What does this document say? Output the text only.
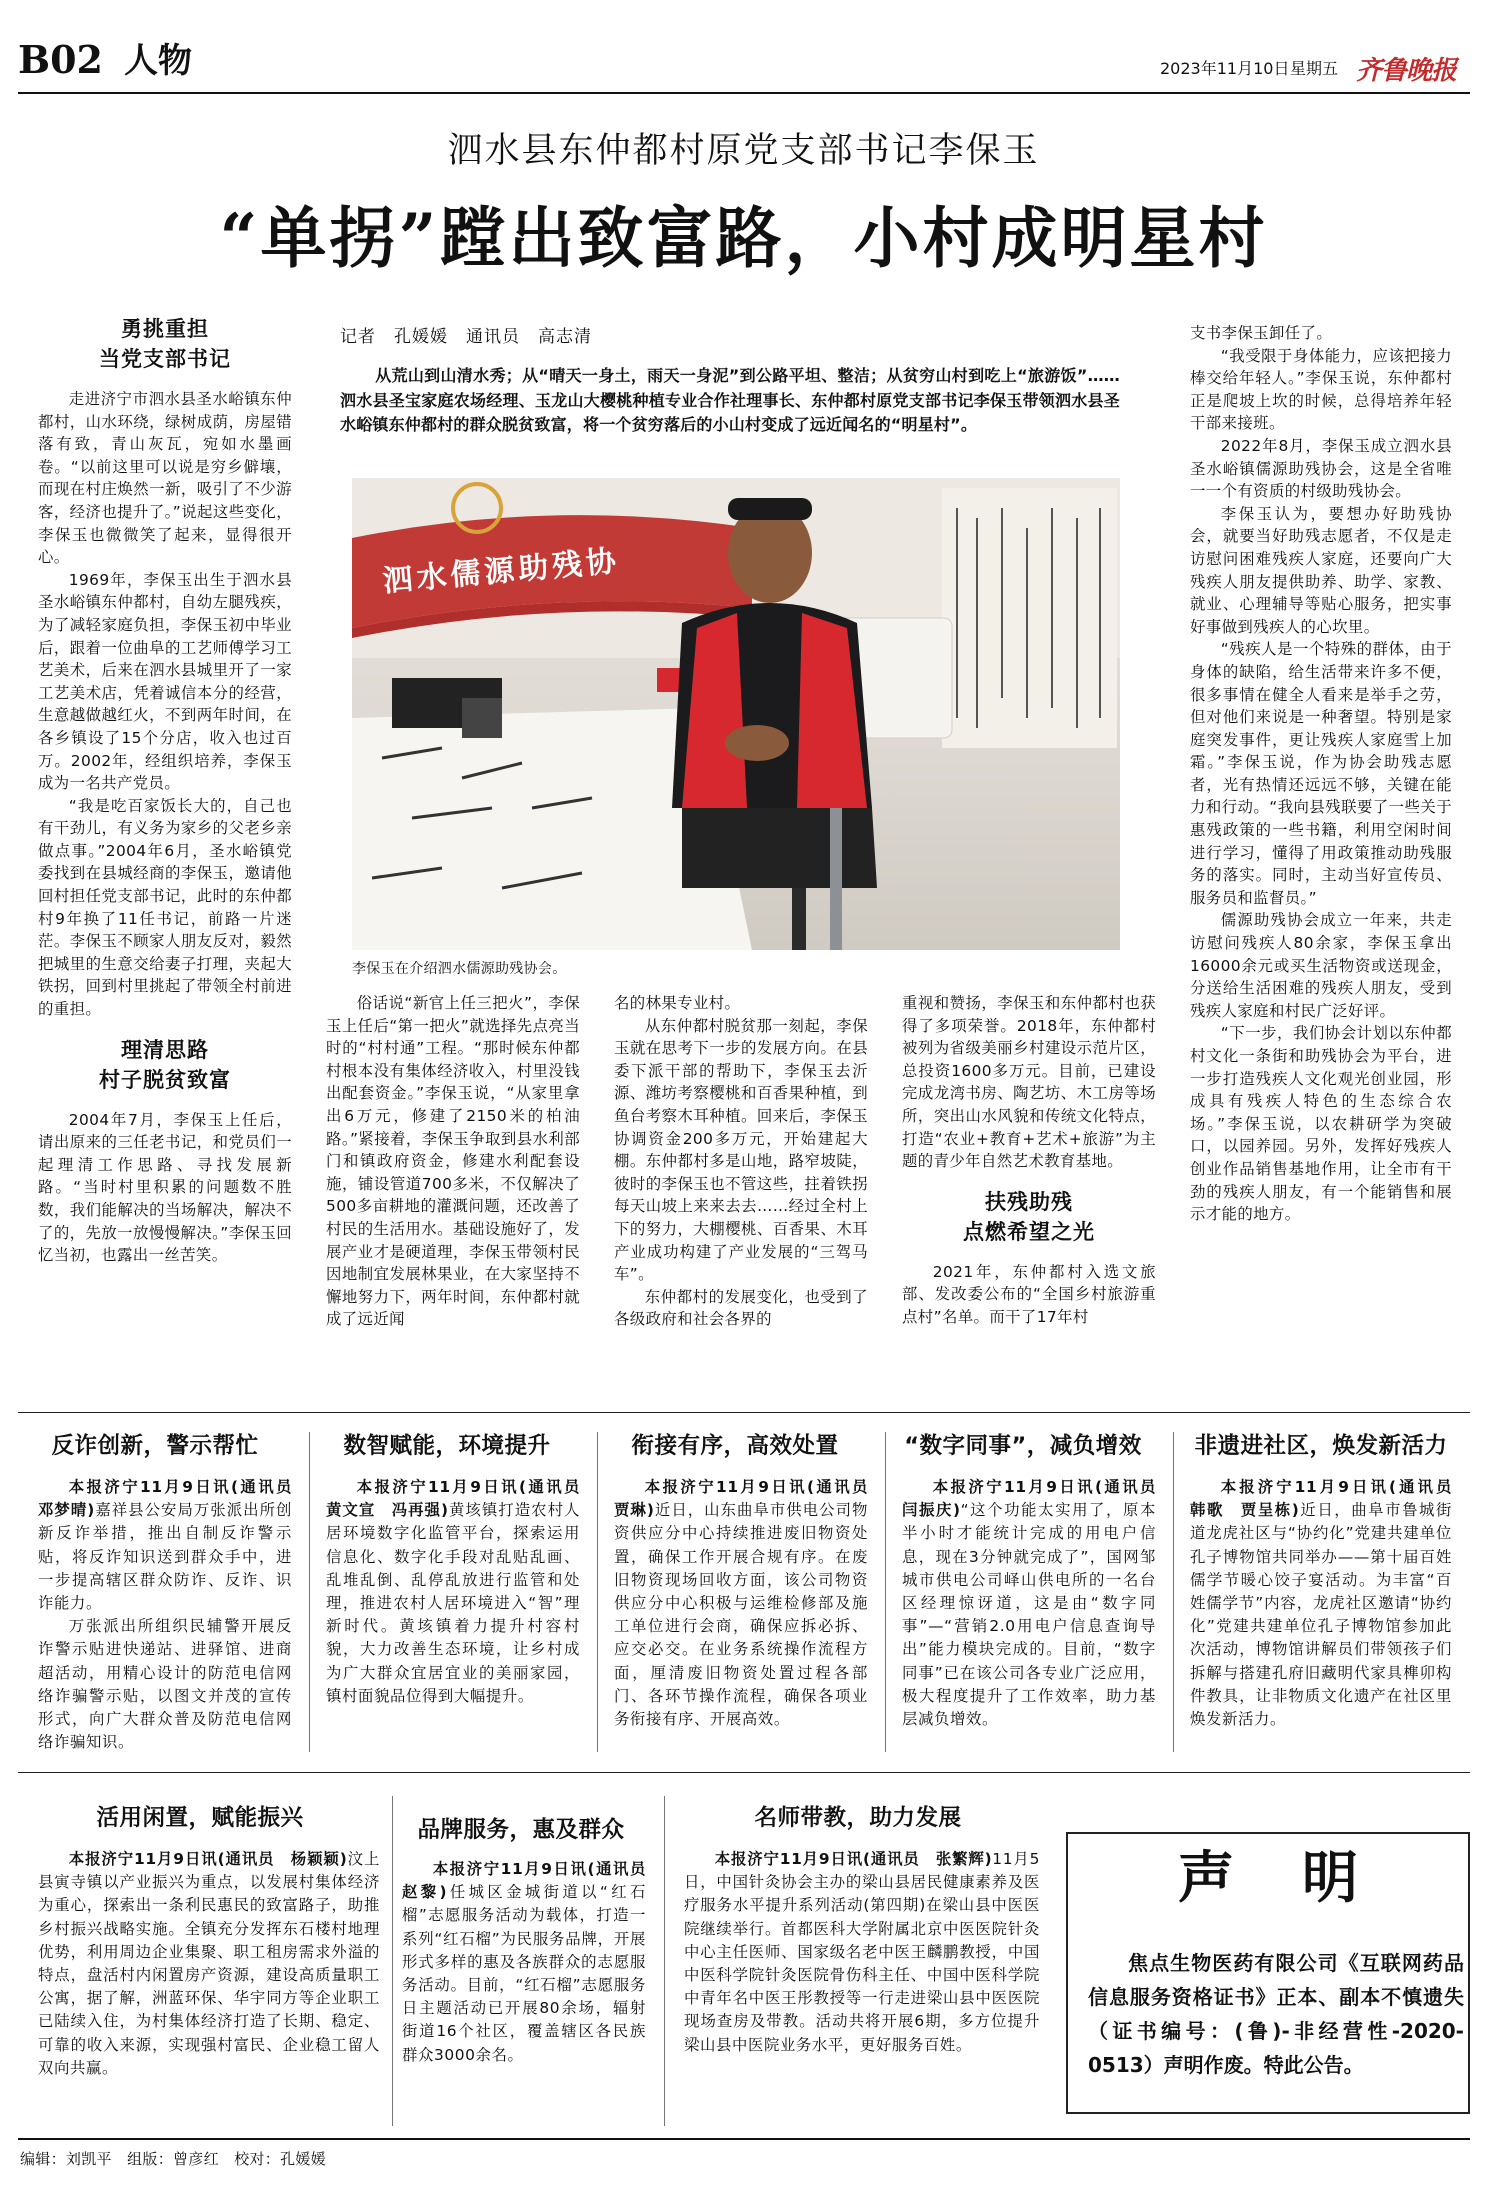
B02 人物	2023年11月10日 星期五 齐鲁晚报
泗水县东仲都村原党支部书记李保玉
“单拐”蹚出致富路，小村成明星村
记者　孔媛媛　通讯员　高志清
从荒山到山清水秀；从“晴天一身土，雨天一身泥”到公路平坦、整洁；从贫穷山村到吃上“旅游饭”……泗水县圣宝家庭农场经理、玉龙山大樱桃种植专业合作社理事长、东仲都村原党支部书记李保玉带领泗水县圣水峪镇东仲都村的群众脱贫致富，将一个贫穷落后的小山村变成了远近闻名的“明星村”。
泗水儒源助残协
李保玉在介绍泗水儒源助残协会。
勇挑重担
当党支部书记

走进济宁市泗水县圣水峪镇东仲都村，山水环绕，绿树成荫，房屋错落有致，青山灰瓦，宛如水墨画卷。“以前这里可以说是穷乡僻壤，而现在村庄焕然一新，吸引了不少游客，经济也提升了。”说起这些变化，李保玉也微微笑了起来，显得很开心。

1969年，李保玉出生于泗水县圣水峪镇东仲都村，自幼左腿残疾，为了减轻家庭负担，李保玉初中毕业后，跟着一位曲阜的工艺师傅学习工艺美术，后来在泗水县城里开了一家工艺美术店，凭着诚信本分的经营，生意越做越红火，不到两年时间，在各乡镇设了15个分店，收入也过百万。2002年，经组织培养，李保玉成为一名共产党员。

“我是吃百家饭长大的，自己也有干劲儿，有义务为家乡的父老乡亲做点事。”2004年6月，圣水峪镇党委找到在县城经商的李保玉，邀请他回村担任党支部书记，此时的东仲都村9年换了11任书记，前路一片迷茫。李保玉不顾家人朋友反对，毅然把城里的生意交给妻子打理，夹起大铁拐，回到村里挑起了带领全村前进的重担。

理清思路
村子脱贫致富

2004年7月，李保玉上任后，请出原来的三任老书记，和党员们一起理清工作思路、寻找发展新路。“当时村里积累的问题数不胜数，我们能解决的当场解决，解决不了的，先放一放慢慢解决。”李保玉回忆当初，也露出一丝苦笑。

俗话说“新官上任三把火”，李保玉上任后“第一把火”就选择先点亮当时的“村村通”工程。“那时候东仲都村根本没有集体经济收入，村里没钱出配套资金。”李保玉说，“从家里拿出6万元，修建了2150米的柏油路。”紧接着，李保玉争取到县水利部门和镇政府资金，修建水利配套设施，铺设管道700多米，不仅解决了500多亩耕地的灌溉问题，还改善了村民的生活用水。基础设施好了，发展产业才是硬道理，李保玉带领村民因地制宜发展林果业，在大家坚持不懈地努力下，两年时间，东仲都村就成了远近闻

名的林果专业村。

从东仲都村脱贫那一刻起，李保玉就在思考下一步的发展方向。在县委下派干部的帮助下，李保玉去沂源、潍坊考察樱桃和百香果种植，到鱼台考察木耳种植。回来后，李保玉协调资金200多万元，开始建起大棚。东仲都村多是山地，路窄坡陡，彼时的李保玉也不管这些，拄着铁拐每天山坡上来来去去……经过全村上下的努力，大棚樱桃、百香果、木耳产业成功构建了产业发展的“三驾马车”。

东仲都村的发展变化，也受到了各级政府和社会各界的

重视和赞扬，李保玉和东仲都村也获得了多项荣誉。2018年，东仲都村被列为省级美丽乡村建设示范片区，总投资1600多万元。目前，已建设完成龙湾书房、陶艺坊、木工房等场所，突出山水风貌和传统文化特点，打造“农业+教育+艺术+旅游”为主题的青少年自然艺术教育基地。

扶残助残
点燃希望之光

2021年，东仲都村入选文旅部、发改委公布的“全国乡村旅游重点村”名单。而干了17年村

支书李保玉卸任了。

“我受限于身体能力，应该把接力棒交给年轻人。”李保玉说，东仲都村正是爬坡上坎的时候，总得培养年轻干部来接班。

2022年8月，李保玉成立泗水县圣水峪镇儒源助残协会，这是全省唯一一个有资质的村级助残协会。

李保玉认为，要想办好助残协会，就要当好助残志愿者，不仅是走访慰问困难残疾人家庭，还要向广大残疾人朋友提供助养、助学、家教、就业、心理辅导等贴心服务，把实事好事做到残疾人的心坎里。

“残疾人是一个特殊的群体，由于身体的缺陷，给生活带来许多不便，很多事情在健全人看来是举手之劳，但对他们来说是一种奢望。特别是家庭突发事件，更让残疾人家庭雪上加霜。”李保玉说，作为协会助残志愿者，光有热情还远远不够，关键在能力和行动。“我向县残联要了一些关于惠残政策的一些书籍，利用空闲时间进行学习，懂得了用政策推动助残服务的落实。同时，主动当好宣传员、服务员和监督员。”

儒源助残协会成立一年来，共走访慰问残疾人80余家，李保玉拿出16000余元或买生活物资或送现金，分送给生活困难的残疾人朋友，受到残疾人家庭和村民广泛好评。

“下一步，我们协会计划以东仲都村文化一条街和助残协会为平台，进一步打造残疾人文化观光创业园，形成具有残疾人特色的生态综合农场。”李保玉说，以农耕研学为突破口，以园养园。另外，发挥好残疾人创业作品销售基地作用，让全市有干劲的残疾人朋友，有一个能销售和展示才能的地方。

反诈创新，警示帮忙

本报济宁11月9日讯(通讯员　邓梦晴)嘉祥县公安局万张派出所创新反诈举措，推出自制反诈警示贴，将反诈知识送到群众手中，进一步提高辖区群众防诈、反诈、识诈能力。

万张派出所组织民辅警开展反诈警示贴进快递站、进驿馆、进商超活动，用精心设计的防范电信网络诈骗警示贴，以图文并茂的宣传形式，向广大群众普及防范电信网络诈骗知识。

数智赋能，环境提升

本报济宁11月9日讯(通讯员　黄文宣　冯再强)黄垓镇打造农村人居环境数字化监管平台，探索运用信息化、数字化手段对乱贴乱画、乱堆乱倒、乱停乱放进行监管和处理，推进农村人居环境进入“智”理新时代。黄垓镇着力提升村容村貌，大力改善生态环境，让乡村成为广大群众宜居宜业的美丽家园，镇村面貌品位得到大幅提升。

衔接有序，高效处置

本报济宁11月9日讯(通讯员　贾琳)近日，山东曲阜市供电公司物资供应分中心持续推进废旧物资处置，确保工作开展合规有序。在废旧物资现场回收方面，该公司物资供应分中心积极与运维检修部及施工单位进行会商，确保应拆必拆、应交必交。在业务系统操作流程方面，厘清废旧物资处置过程各部门、各环节操作流程，确保各项业务衔接有序、开展高效。

“数字同事”，减负增效

本报济宁11月9日讯(通讯员　闫振庆)“这个功能太实用了，原本半小时才能统计完成的用电户信息，现在3分钟就完成了”，国网邹城市供电公司峄山供电所的一名台区经理惊讶道，这是由“数字同事”—“营销2.0用电户信息查询导出”能力模块完成的。目前，“数字同事”已在该公司各专业广泛应用，极大程度提升了工作效率，助力基层减负增效。

非遗进社区，焕发新活力

本报济宁11月9日讯(通讯员　韩歌　贾呈栋)近日，曲阜市鲁城街道龙虎社区与“协约化”党建共建单位孔子博物馆共同举办——第十届百姓儒学节暖心饺子宴活动。为丰富“百姓儒学节”内容，龙虎社区邀请“协约化”党建共建单位孔子博物馆参加此次活动，博物馆讲解员们带领孩子们拆解与搭建孔府旧藏明代家具榫卯构件教具，让非物质文化遗产在社区里焕发新活力。

活用闲置，赋能振兴

本报济宁11月9日讯(通讯员　杨颖颖)汶上县寅寺镇以产业振兴为重点，以发展村集体经济为重心，探索出一条利民惠民的致富路子，助推乡村振兴战略实施。全镇充分发挥东石楼村地理优势，利用周边企业集聚、职工租房需求外溢的特点，盘活村内闲置房产资源，建设高质量职工公寓，据了解，洲蓝环保、华宇同方等企业职工已陆续入住，为村集体经济打造了长期、稳定、可靠的收入来源，实现强村富民、企业稳工留人双向共赢。

品牌服务，惠及群众

本报济宁11月9日讯(通讯员　赵黎)任城区金城街道以“红石榴”志愿服务活动为载体，打造一系列“红石榴”为民服务品牌，开展形式多样的惠及各族群众的志愿服务活动。目前，“红石榴”志愿服务日主题活动已开展80余场，辐射街道16个社区，覆盖辖区各民族群众3000余名。

名师带教，助力发展

本报济宁11月9日讯(通讯员　张繁辉)11月5日，中国针灸协会主办的梁山县居民健康素养及医疗服务水平提升系列活动(第四期)在梁山县中医医院继续举行。首都医科大学附属北京中医医院针灸中心主任医师、国家级名老中医王麟鹏教授，中国中医科学院针灸医院骨伤科主任、中国中医科学院中青年名中医王彤教授等一行走进梁山县中医医院现场查房及带教。活动共将开展6期，多方位提升梁山县中医院业务水平，更好服务百姓。

声　明
焦点生物医药有限公司《互联网药品信息服务资格证书》正本、副本不慎遗失（证书编号：(鲁)-非经营性-2020-0513）声明作废。特此公告。
编辑：刘凯平　组版：曾彦红　校对：孔媛媛
